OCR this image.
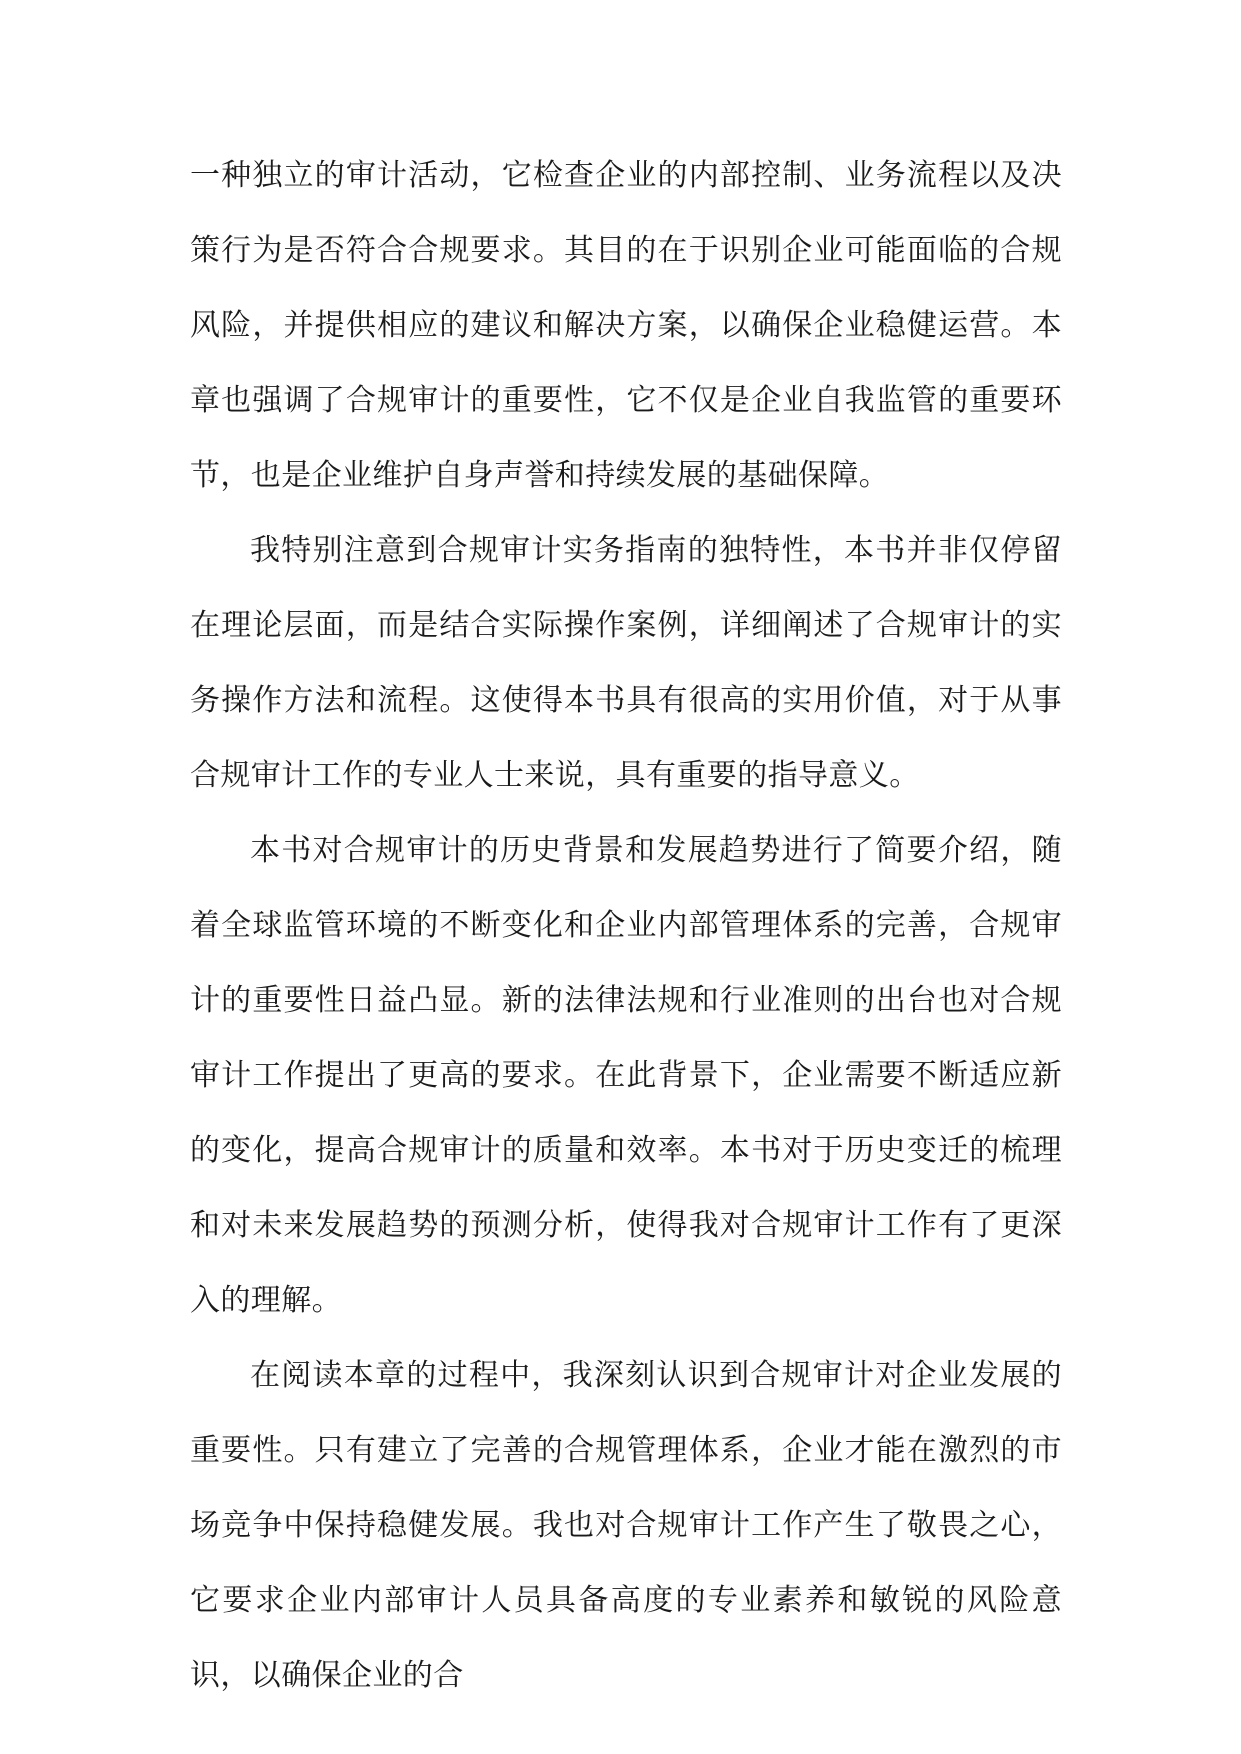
一种独立的审计活动，它检查企业的内部控制、业务流程以及决策行为是否符合合规要求。其目的在于识别企业可能面临的合规风险，并提供相应的建议和解决方案，以确保企业稳健运营。本章也强调了合规审计的重要性，它不仅是企业自我监管的重要环节，也是企业维护自身声誉和持续发展的基础保障。

我特别注意到合规审计实务指南的独特性，本书并非仅停留在理论层面，而是结合实际操作案例，详细阐述了合规审计的实务操作方法和流程。这使得本书具有很高的实用价值，对于从事合规审计工作的专业人士来说，具有重要的指导意义。

本书对合规审计的历史背景和发展趋势进行了简要介绍，随着全球监管环境的不断变化和企业内部管理体系的完善，合规审计的重要性日益凸显。新的法律法规和行业准则的出台也对合规审计工作提出了更高的要求。在此背景下，企业需要不断适应新的变化，提高合规审计的质量和效率。本书对于历史变迁的梳理和对未来发展趋势的预测分析，使得我对合规审计工作有了更深入的理解。

在阅读本章的过程中，我深刻认识到合规审计对企业发展的重要性。只有建立了完善的合规管理体系，企业才能在激烈的市场竞争中保持稳健发展。我也对合规审计工作产生了敬畏之心，它要求企业内部审计人员具备高度的专业素养和敏锐的风险意识，以确保企业的合
